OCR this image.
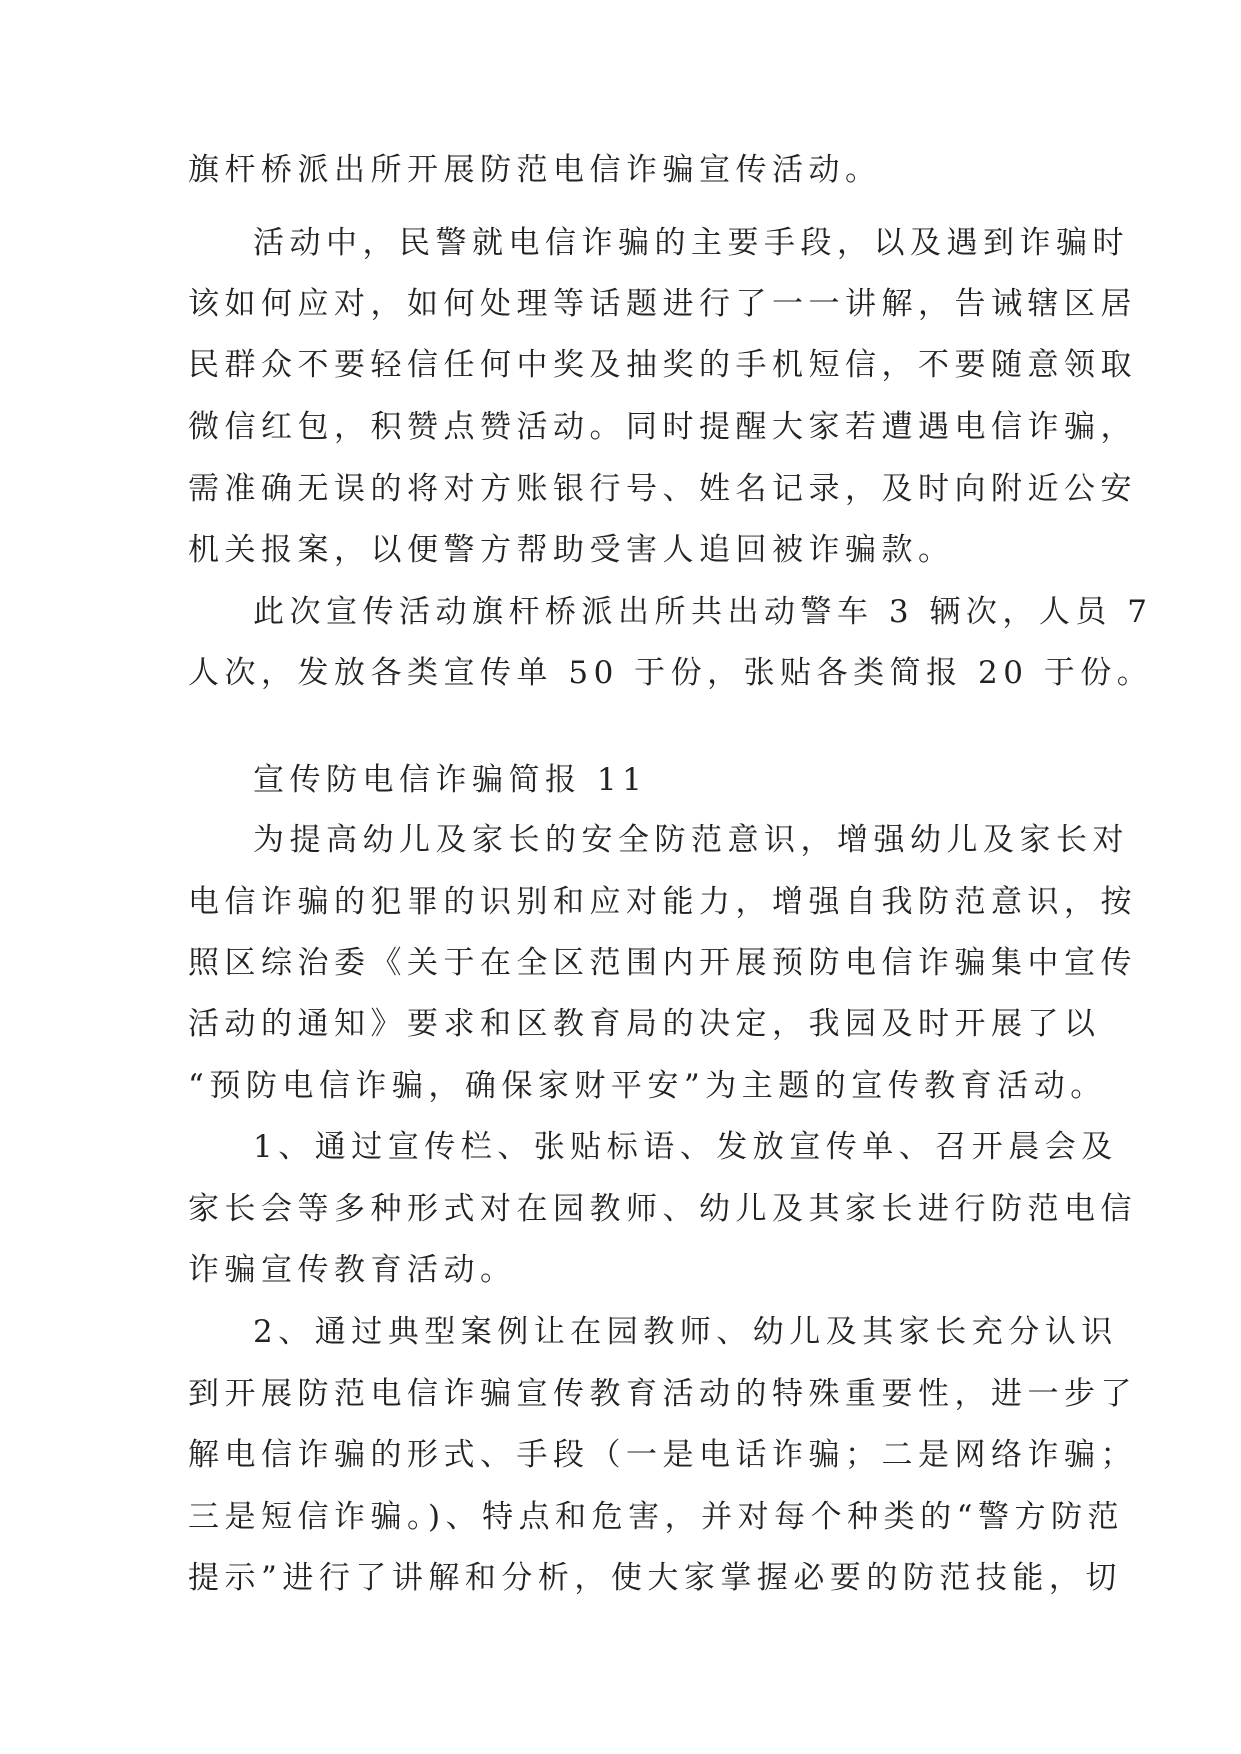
旗杆桥派出所开展防范电信诈骗宣传活动。
活动中，民警就电信诈骗的主要手段，以及遇到诈骗时
该如何应对，如何处理等话题进行了一一讲解，告诫辖区居
民群众不要轻信任何中奖及抽奖的手机短信，不要随意领取
微信红包，积赞点赞活动。同时提醒大家若遭遇电信诈骗，
需准确无误的将对方账银行号、姓名记录，及时向附近公安
机关报案，以便警方帮助受害人追回被诈骗款。
此次宣传活动旗杆桥派出所共出动警车 3 辆次，人员 7
人次，发放各类宣传单 50 于份，张贴各类简报 20 于份。
宣传防电信诈骗简报 11
为提高幼儿及家长的安全防范意识，增强幼儿及家长对
电信诈骗的犯罪的识别和应对能力，增强自我防范意识，按
照区综治委《关于在全区范围内开展预防电信诈骗集中宣传
活动的通知》要求和区教育局的决定，我园及时开展了以
“预防电信诈骗，确保家财平安”为主题的宣传教育活动。
1、通过宣传栏、张贴标语、发放宣传单、召开晨会及
家长会等多种形式对在园教师、幼儿及其家长进行防范电信
诈骗宣传教育活动。
2、通过典型案例让在园教师、幼儿及其家长充分认识
到开展防范电信诈骗宣传教育活动的特殊重要性，进一步了
解电信诈骗的形式、手段（一是电话诈骗；二是网络诈骗；
三是短信诈骗。)、特点和危害，并对每个种类的“警方防范
提示”进行了讲解和分析，使大家掌握必要的防范技能，切
